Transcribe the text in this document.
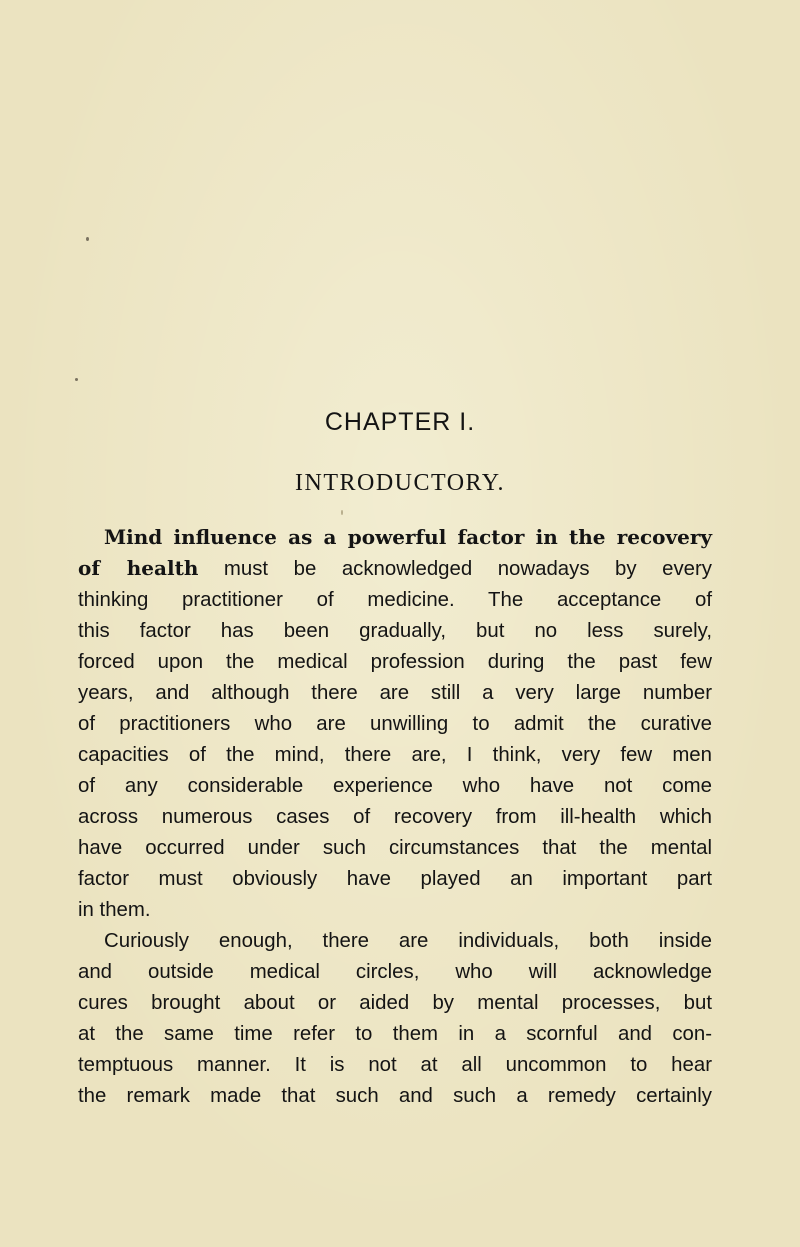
CHAPTER I.
INTRODUCTORY.
Mind influence as a powerful factor in the recovery
of health must be acknowledged nowadays by every
thinking practitioner of medicine. The acceptance of
this factor has been gradually, but no less surely,
forced upon the medical profession during the past few
years, and although there are still a very large number
of practitioners who are unwilling to admit the curative
capacities of the mind, there are, I think, very few men
of any considerable experience who have not come
across numerous cases of recovery from ill-health which
have occurred under such circumstances that the mental
factor must obviously have played an important part
in them.
Curiously enough, there are individuals, both inside
and outside medical circles, who will acknowledge
cures brought about or aided by mental processes, but
at the same time refer to them in a scornful and con-
temptuous manner. It is not at all uncommon to hear
the remark made that such and such a remedy certainly
